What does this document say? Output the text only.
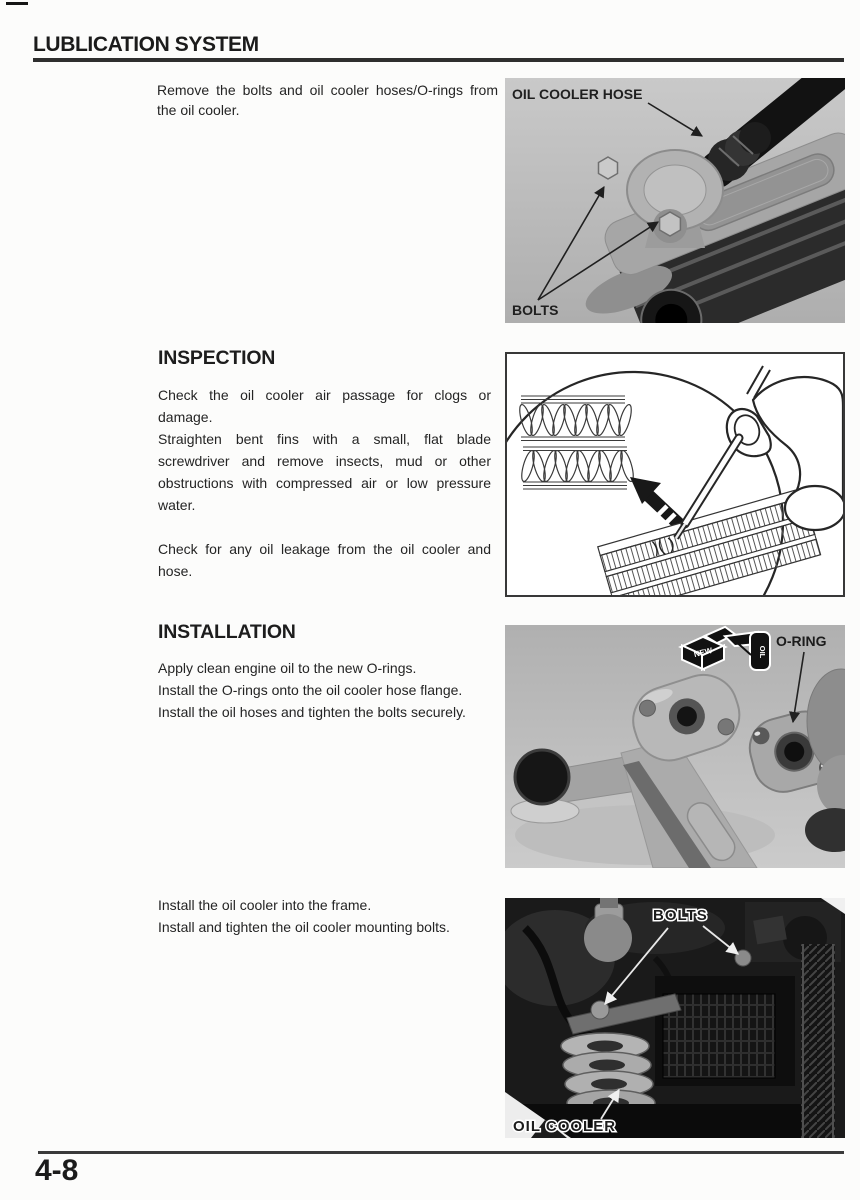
LUBLICATION SYSTEM
Remove the bolts and oil cooler hoses/O-rings from
the oil cooler.
OIL COOLER HOSE
BOLTS
INSPECTION
Check the oil cooler air passage for clogs or
damage.
Straighten bent fins with a small, flat blade
screwdriver and remove insects, mud or other
obstructions with compressed air or low pressure
water.
Check for any oil leakage from the oil cooler and
hose.
INSTALLATION
Apply clean engine oil to the new O-rings.
Install the O-rings onto the oil cooler hose flange.
Install the oil hoses and tighten the bolts securely.
NEW	OIL
O-RING
Install the oil cooler into the frame.
Install and tighten the oil cooler mounting bolts.
BOLTS
OIL COOLER
4-8
